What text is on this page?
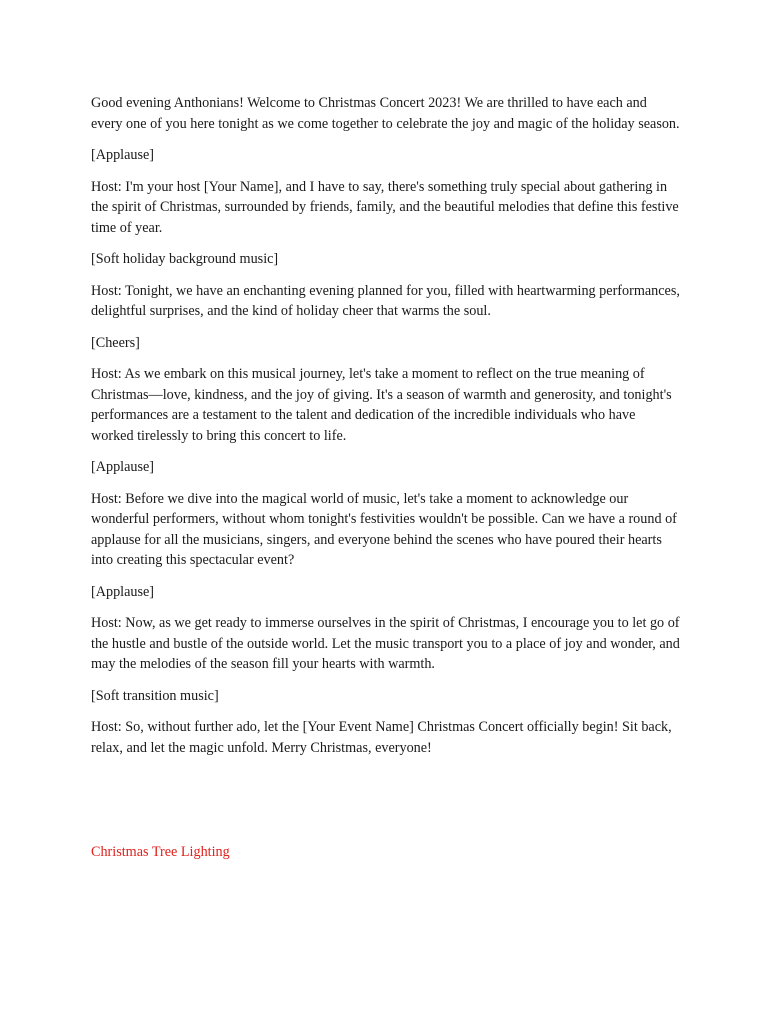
Good evening Anthonians! Welcome to Christmas Concert 2023! We are thrilled to have each and every one of you here tonight as we come together to celebrate the joy and magic of the holiday season.

[Applause]

Host: I'm your host [Your Name], and I have to say, there's something truly special about gathering in the spirit of Christmas, surrounded by friends, family, and the beautiful melodies that define this festive time of year.

[Soft holiday background music]

Host: Tonight, we have an enchanting evening planned for you, filled with heartwarming performances, delightful surprises, and the kind of holiday cheer that warms the soul.

[Cheers]

Host: As we embark on this musical journey, let's take a moment to reflect on the true meaning of Christmas—love, kindness, and the joy of giving. It's a season of warmth and generosity, and tonight's performances are a testament to the talent and dedication of the incredible individuals who have worked tirelessly to bring this concert to life.

[Applause]

Host: Before we dive into the magical world of music, let's take a moment to acknowledge our wonderful performers, without whom tonight's festivities wouldn't be possible. Can we have a round of applause for all the musicians, singers, and everyone behind the scenes who have poured their hearts into creating this spectacular event?

[Applause]

Host: Now, as we get ready to immerse ourselves in the spirit of Christmas, I encourage you to let go of the hustle and bustle of the outside world. Let the music transport you to a place of joy and wonder, and may the melodies of the season fill your hearts with warmth.

[Soft transition music]

Host: So, without further ado, let the [Your Event Name] Christmas Concert officially begin! Sit back, relax, and let the magic unfold. Merry Christmas, everyone!

Christmas Tree Lighting
